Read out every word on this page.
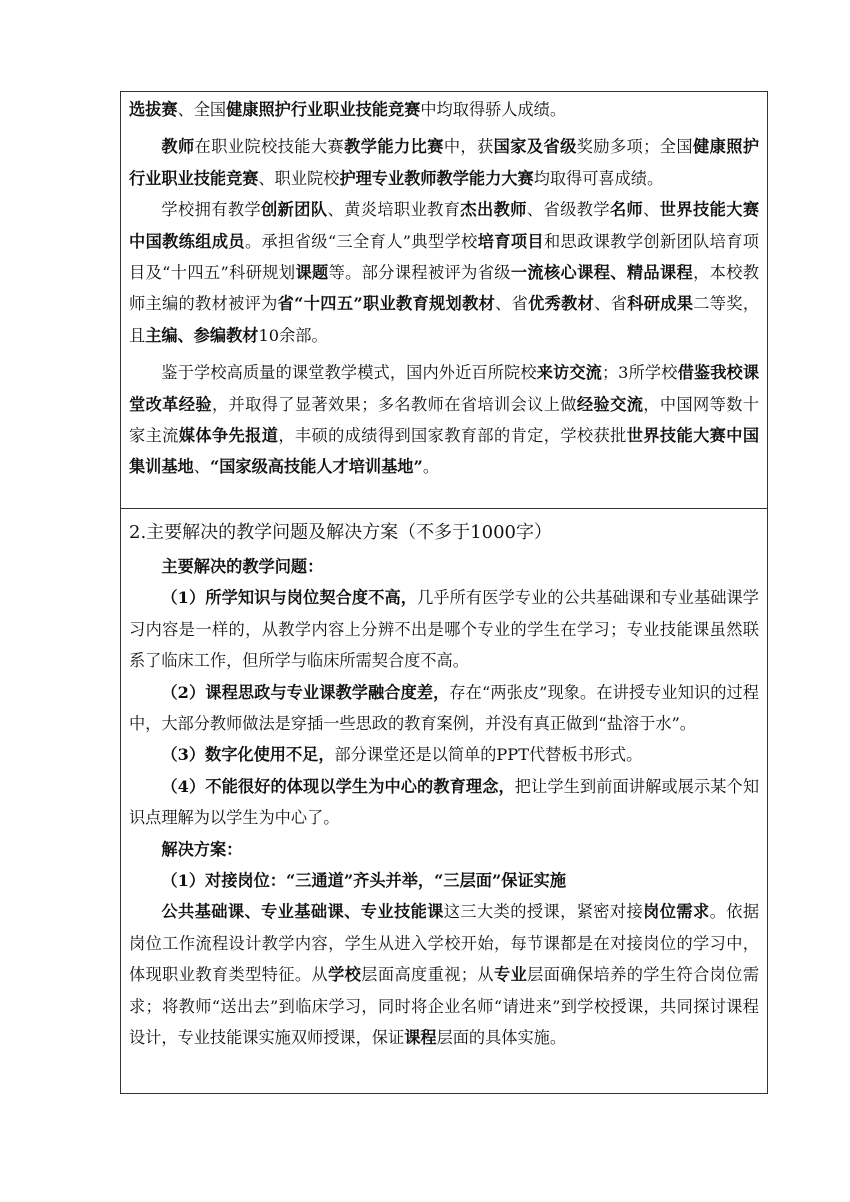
选拔赛、全国健康照护行业职业技能竞赛中均取得骄人成绩。

教师在职业院校技能大赛教学能力比赛中，获国家及省级奖励多项；全国健康照护行业职业技能竞赛、职业院校护理专业教师教学能力大赛均取得可喜成绩。

学校拥有教学创新团队、黄炎培职业教育杰出教师、省级教学名师、世界技能大赛中国教练组成员。承担省级“三全育人”典型学校培育项目和思政课教学创新团队培育项目及“十四五”科研规划课题等。部分课程被评为省级一流核心课程、精品课程，本校教师主编的教材被评为省“十四五”职业教育规划教材、省优秀教材、省科研成果二等奖，且主编、参编教材10余部。

鉴于学校高质量的课堂教学模式，国内外近百所院校来访交流；3所学校借鉴我校课堂改革经验，并取得了显著效果；多名教师在省培训会议上做经验交流，中国网等数十家主流媒体争先报道，丰硕的成绩得到国家教育部的肯定，学校获批世界技能大赛中国集训基地、“国家级高技能人才培训基地”。

2.主要解决的教学问题及解决方案（不多于1000字）

主要解决的教学问题：

（1）所学知识与岗位契合度不高，几乎所有医学专业的公共基础课和专业基础课学习内容是一样的，从教学内容上分辨不出是哪个专业的学生在学习；专业技能课虽然联系了临床工作，但所学与临床所需契合度不高。

（2）课程思政与专业课教学融合度差，存在“两张皮”现象。在讲授专业知识的过程中，大部分教师做法是穿插一些思政的教育案例，并没有真正做到“盐溶于水”。

（3）数字化使用不足，部分课堂还是以简单的PPT代替板书形式。

（4）不能很好的体现以学生为中心的教育理念，把让学生到前面讲解或展示某个知识点理解为以学生为中心了。

解决方案：

（1）对接岗位：“三通道”齐头并举，“三层面”保证实施

公共基础课、专业基础课、专业技能课这三大类的授课，紧密对接岗位需求。依据岗位工作流程设计教学内容，学生从进入学校开始，每节课都是在对接岗位的学习中，体现职业教育类型特征。从学校层面高度重视；从专业层面确保培养的学生符合岗位需求；将教师“送出去”到临床学习，同时将企业名师“请进来”到学校授课，共同探讨课程设计，专业技能课实施双师授课，保证课程层面的具体实施。
